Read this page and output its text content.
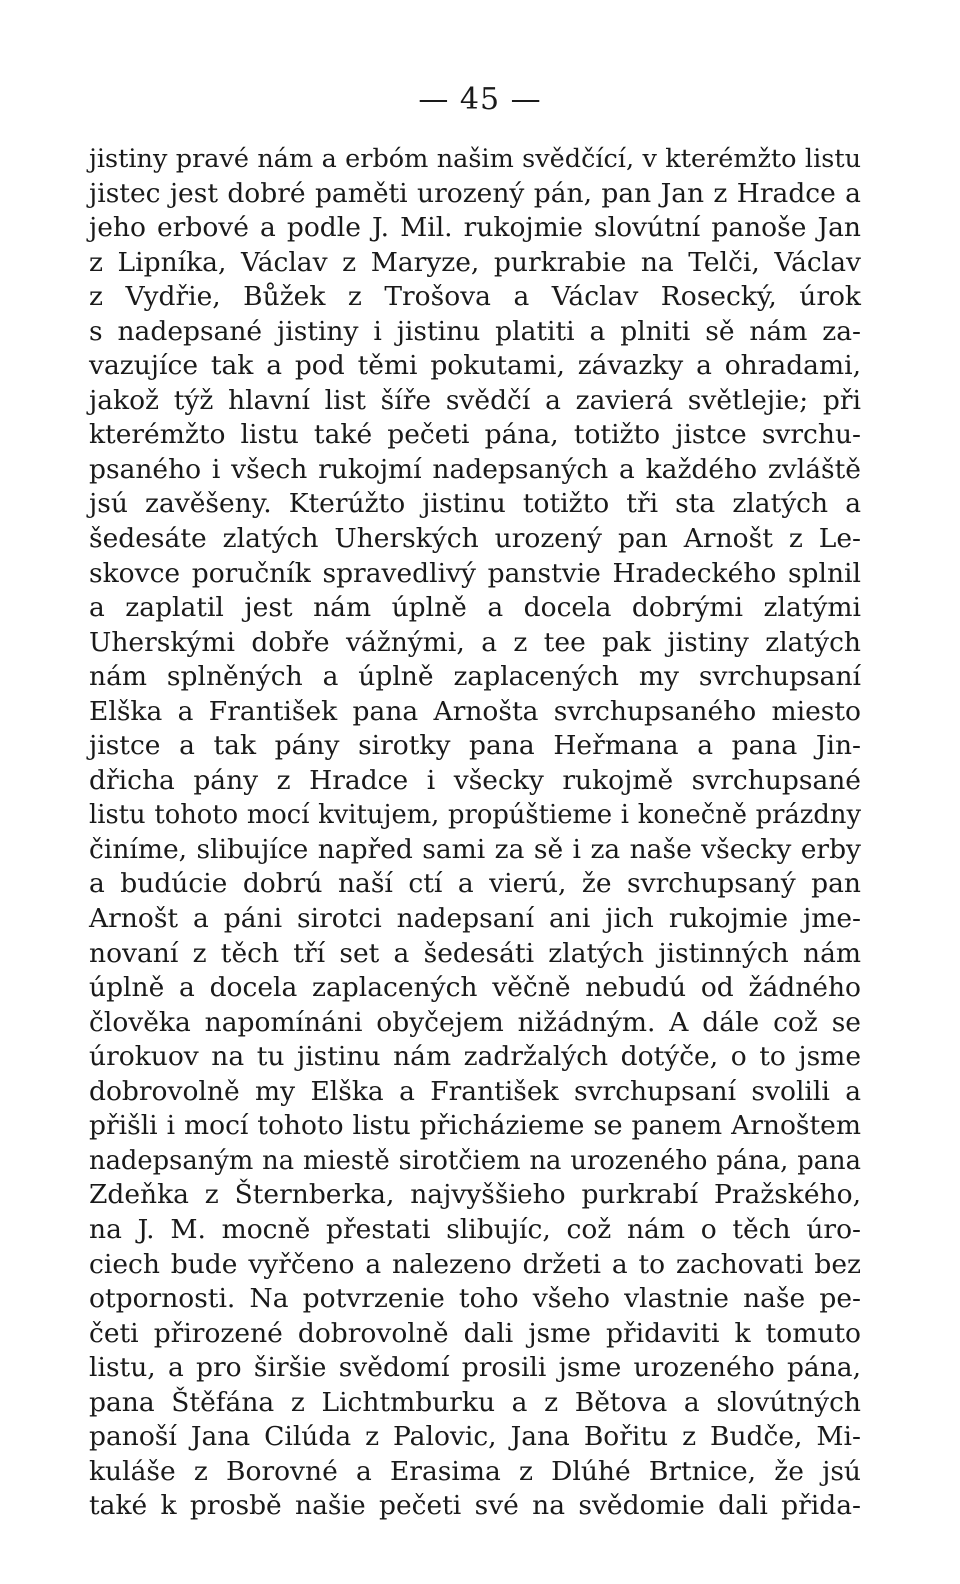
— 45 —
jistiny pravé nám a erbóm našim svědčící, v kterémžto listu
jistec jest dobré paměti urozený pán, pan Jan z Hradce a
jeho erbové a podle J. Mil. rukojmie slovútní panoše Jan
z Lipníka, Václav z Maryze, purkrabie na Telči, Václav
z Vydřie, Bůžek z Trošova a Václav Rosecký, úrok
s nadepsané jistiny i jistinu platiti a plniti sě nám za-
vazujíce tak a pod těmi pokutami, závazky a ohradami,
jakož týž hlavní list šíře svědčí a zavierá světlejie; při
kterémžto listu také pečeti pána, totižto jistce svrchu-
psaného i všech rukojmí nadepsaných a každého zvláště
jsú zavěšeny. Kterúžto jistinu totižto tři sta zlatých a
šedesáte zlatých Uherských urozený pan Arnošt z Le-
skovce poručník spravedlivý panstvie Hradeckého splnil
a zaplatil jest nám úplně a docela dobrými zlatými
Uherskými dobře vážnými, a z tee pak jistiny zlatých
nám splněných a úplně zaplacených my svrchupsaní
Elška a František pana Arnošta svrchupsaného miesto
jistce a tak pány sirotky pana Heřmana a pana Jin-
dřicha pány z Hradce i všecky rukojmě svrchupsané
listu tohoto mocí kvitujem, propúštieme i konečně prázdny
činíme, slibujíce napřed sami za sě i za naše všecky erby
a budúcie dobrú naší ctí a vierú, že svrchupsaný pan
Arnošt a páni sirotci nadepsaní ani jich rukojmie jme-
novaní z těch tří set a šedesáti zlatých jistinných nám
úplně a docela zaplacených věčně nebudú od žádného
člověka napomínáni obyčejem nižádným. A dále což se
úrokuov na tu jistinu nám zadržalých dotýče, o to jsme
dobrovolně my Elška a František svrchupsaní svolili a
přišli i mocí tohoto listu přicházieme se panem Arnoštem
nadepsaným na miestě sirotčiem na urozeného pána, pana
Zdeňka z Šternberka, najvyššieho purkrabí Pražského,
na J. M. mocně přestati slibujíc, což nám o těch úro-
ciech bude vyřčeno a nalezeno držeti a to zachovati bez
otpornosti. Na potvrzenie toho všeho vlastnie naše pe-
četi přirozené dobrovolně dali jsme přidaviti k tomuto
listu, a pro širšie svědomí prosili jsme urozeného pána,
pana Štěfána z Lichtmburku a z Bětova a slovútných
panoší Jana Cilúda z Palovic, Jana Bořitu z Budče, Mi-
kuláše z Borovné a Erasima z Dlúhé Brtnice, že jsú
také k prosbě našie pečeti své na svědomie dali přida-
